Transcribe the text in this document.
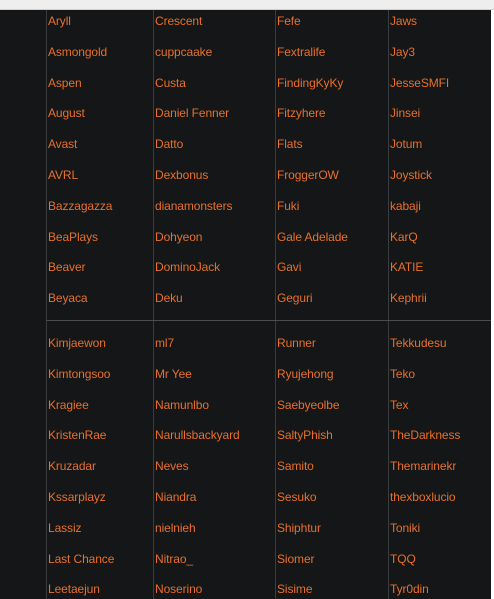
Aryll
Asmongold
Aspen
August
Avast
AVRL
Bazzagazza
BeaPlays
Beaver
Beyaca
Crescent
cuppcaake
Custa
Daniel Fenner
Datto
Dexbonus
dianamonsters
Dohyeon
DominoJack
Deku
Fefe
Fextralife
FindingKyKy
Fitzyhere
Flats
FroggerOW
Fuki
Gale Adelade
Gavi
Geguri
Jaws
Jay3
JesseSMFI
Jinsei
Jotum
Joystick
kabaji
KarQ
KATIE
Kephrii
Kimjaewon
Kimtongsoo
Kragiee
KristenRae
Kruzadar
Kssarplayz
Lassiz
Last Chance
Leetaejun
ml7
Mr Yee
Namunlbo
Narullsbackyard
Neves
Niandra
nielnieh
Nitrao_
Noserino
Runner
Ryujehong
Saebyeolbe
SaltyPhish
Samito
Sesuko
Shiphtur
Siomer
Sisime
Tekkudesu
Teko
Tex
TheDarkness
Themarinekr
thexboxlucio
Toniki
TQQ
Tyr0din
